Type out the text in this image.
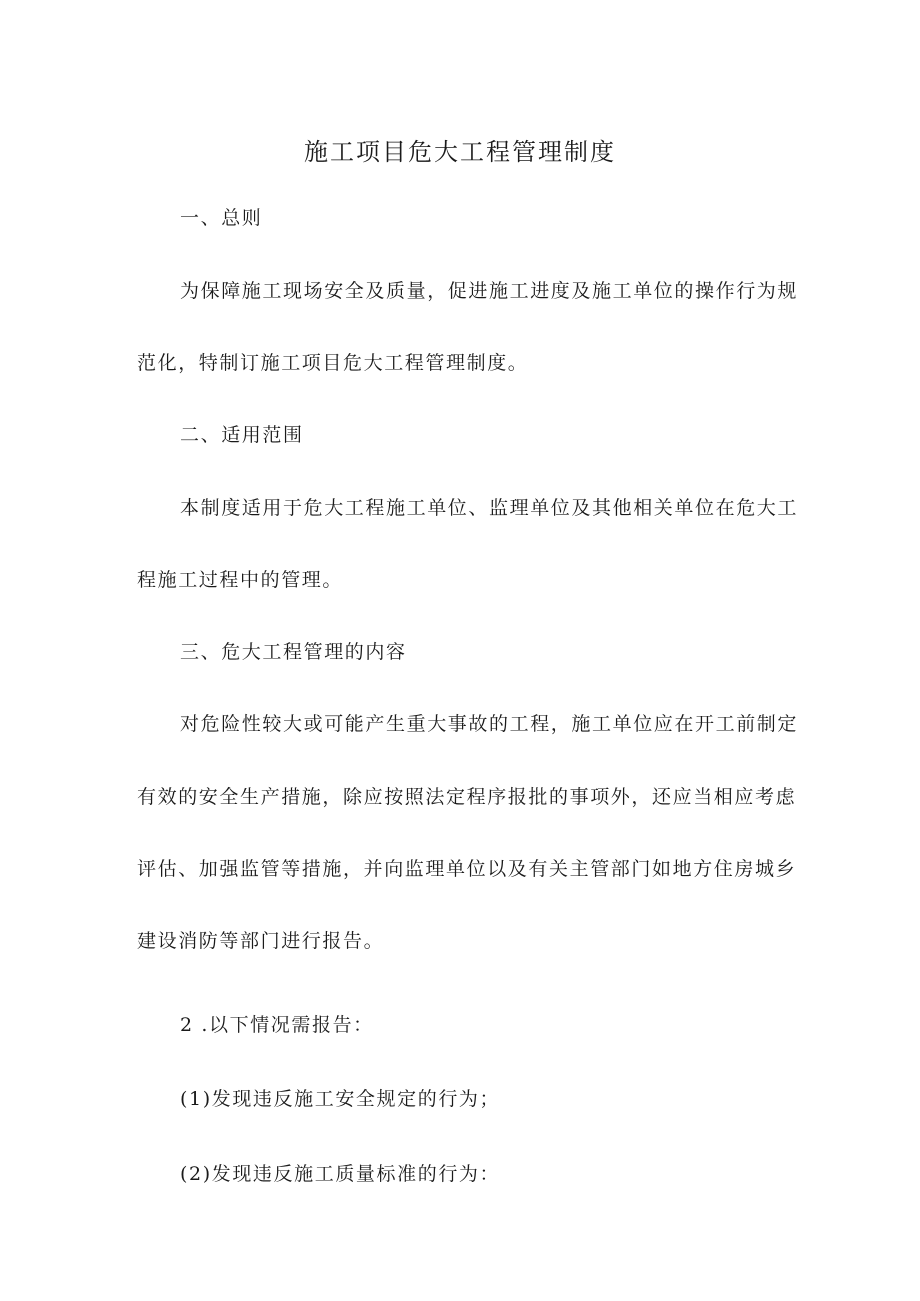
施工项目危大工程管理制度
一、总则
为保障施工现场安全及质量，促进施工进度及施工单位的操作行为规
范化，特制订施工项目危大工程管理制度。
二、适用范围
本制度适用于危大工程施工单位、监理单位及其他相关单位在危大工
程施工过程中的管理。
三、危大工程管理的内容
对危险性较大或可能产生重大事故的工程，施工单位应在开工前制定
有效的安全生产措施，除应按照法定程序报批的事项外，还应当相应考虑
评估、加强监管等措施，并向监理单位以及有关主管部门如地方住房城乡
建设消防等部门进行报告。
2 .以下情况需报告：
(1)发现违反施工安全规定的行为；
(2)发现违反施工质量标准的行为：
